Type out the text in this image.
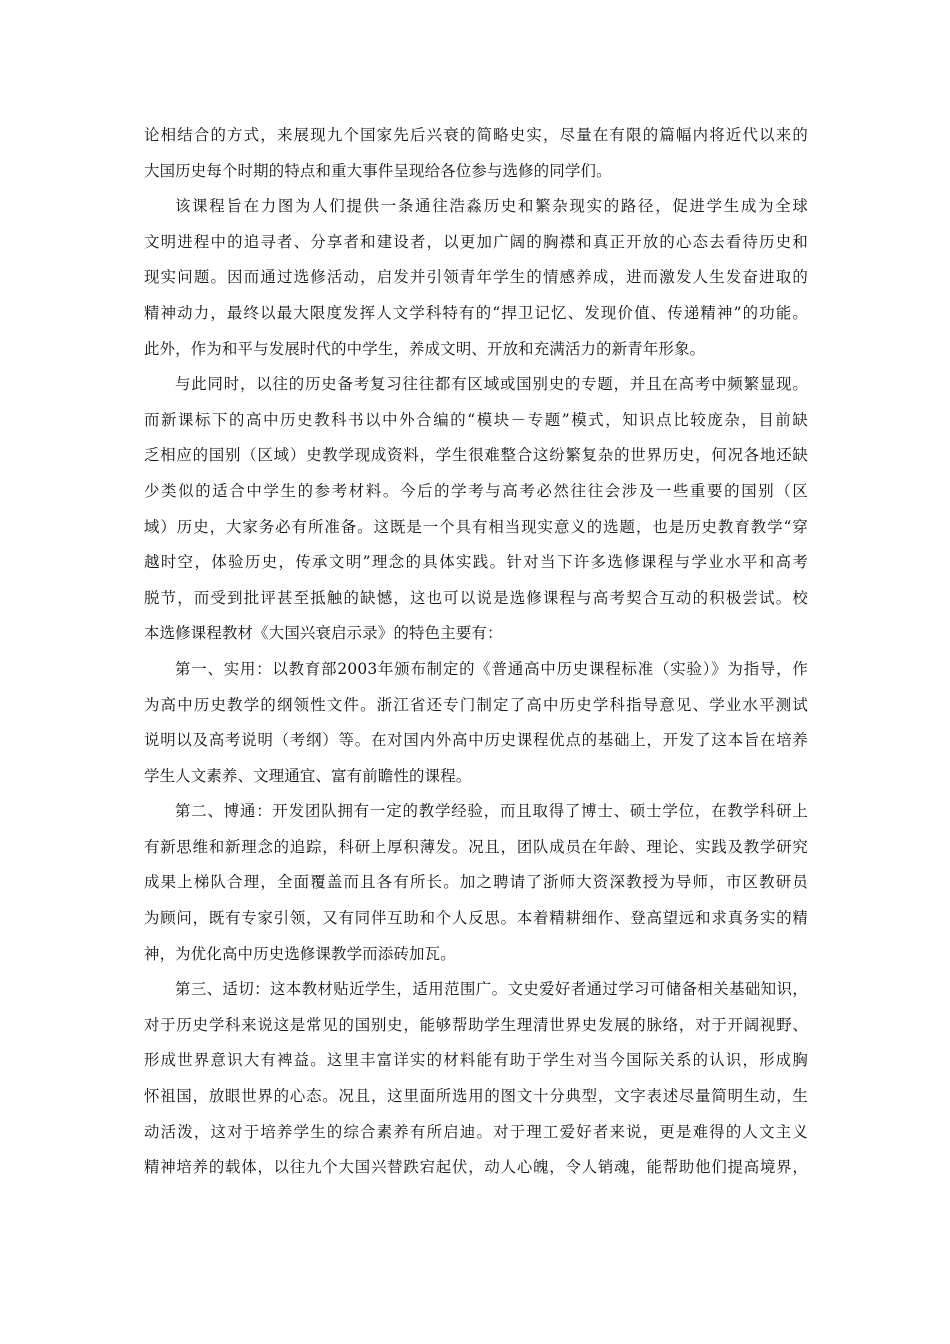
论相结合的方式，来展现九个国家先后兴衰的简略史实，尽量在有限的篇幅内将近代以来的
大国历史每个时期的特点和重大事件呈现给各位参与选修的同学们。
该课程旨在力图为人们提供一条通往浩淼历史和繁杂现实的路径，促进学生成为全球
文明进程中的追寻者、分享者和建设者，以更加广阔的胸襟和真正开放的心态去看待历史和
现实问题。因而通过选修活动，启发并引领青年学生的情感养成，进而激发人生发奋进取的
精神动力，最终以最大限度发挥人文学科特有的“捍卫记忆、发现价值、传递精神”的功能。
此外，作为和平与发展时代的中学生，养成文明、开放和充满活力的新青年形象。
与此同时，以往的历史备考复习往往都有区域或国别史的专题，并且在高考中频繁显现。
而新课标下的高中历史教科书以中外合编的“模块－专题”模式，知识点比较庞杂，目前缺
乏相应的国别（区域）史教学现成资料，学生很难整合这纷繁复杂的世界历史，何况各地还缺
少类似的适合中学生的参考材料。今后的学考与高考必然往往会涉及一些重要的国别（区
域）历史，大家务必有所准备。这既是一个具有相当现实意义的选题，也是历史教育教学“穿
越时空，体验历史，传承文明”理念的具体实践。针对当下许多选修课程与学业水平和高考
脱节，而受到批评甚至抵触的缺憾，这也可以说是选修课程与高考契合互动的积极尝试。校
本选修课程教材《大国兴衰启示录》的特色主要有：
第一、实用：以教育部2003年颁布制定的《普通高中历史课程标准（实验）》为指导，作
为高中历史教学的纲领性文件。浙江省还专门制定了高中历史学科指导意见、学业水平测试
说明以及高考说明（考纲）等。在对国内外高中历史课程优点的基础上，开发了这本旨在培养
学生人文素养、文理通宜、富有前瞻性的课程。
第二、博通：开发团队拥有一定的教学经验，而且取得了博士、硕士学位，在教学科研上
有新思维和新理念的追踪，科研上厚积薄发。况且，团队成员在年龄、理论、实践及教学研究
成果上梯队合理，全面覆盖而且各有所长。加之聘请了浙师大资深教授为导师，市区教研员
为顾问，既有专家引领，又有同伴互助和个人反思。本着精耕细作、登高望远和求真务实的精
神，为优化高中历史选修课教学而添砖加瓦。
第三、适切：这本教材贴近学生，适用范围广。文史爱好者通过学习可储备相关基础知识，
对于历史学科来说这是常见的国别史，能够帮助学生理清世界史发展的脉络，对于开阔视野、
形成世界意识大有裨益。这里丰富详实的材料能有助于学生对当今国际关系的认识，形成胸
怀祖国，放眼世界的心态。况且，这里面所选用的图文十分典型，文字表述尽量简明生动，生
动活泼，这对于培养学生的综合素养有所启迪。对于理工爱好者来说，更是难得的人文主义
精神培养的载体，以往九个大国兴替跌宕起伏，动人心魄，令人销魂，能帮助他们提高境界，
